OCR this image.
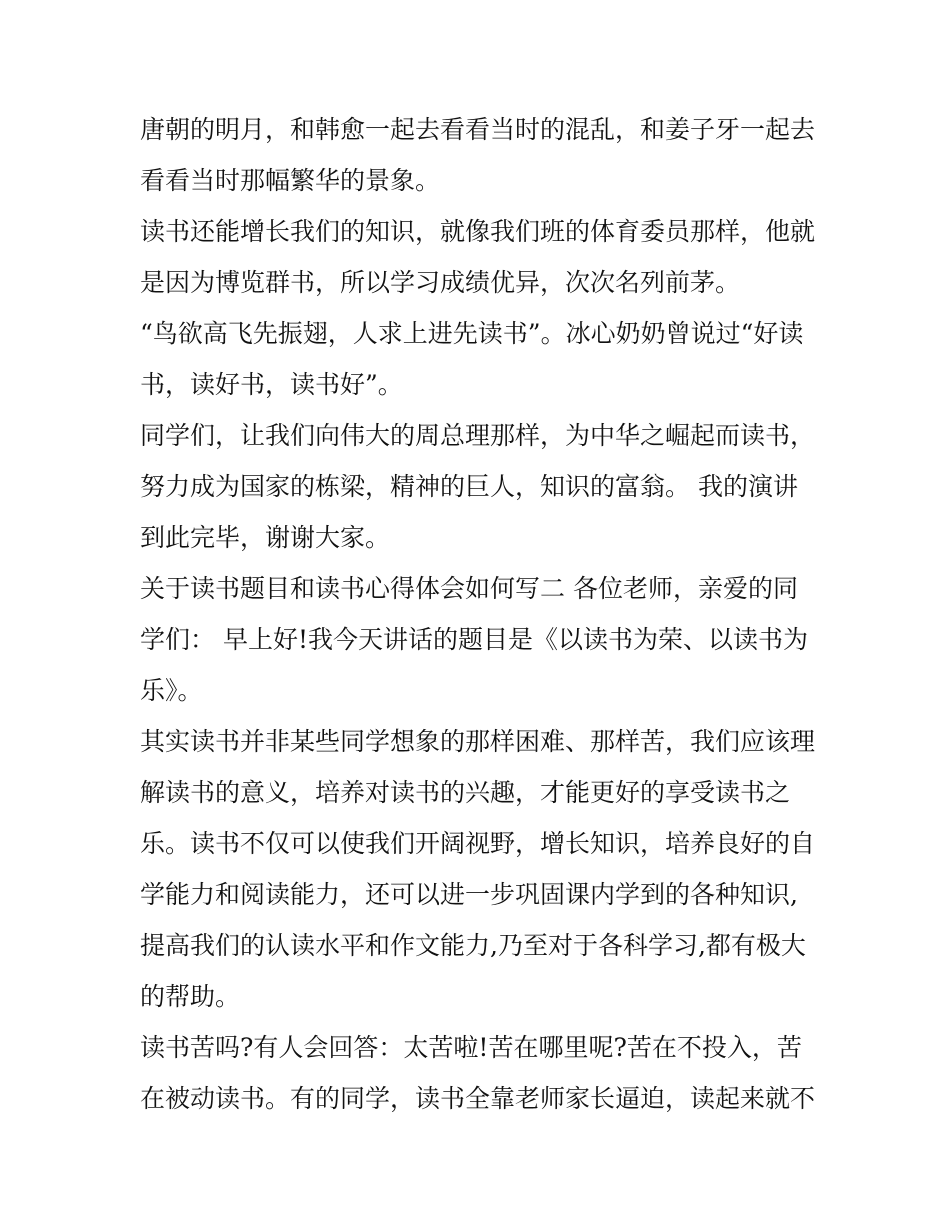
唐朝的明月，和韩愈一起去看看当时的混乱，和姜子牙一起去
看看当时那幅繁华的景象。
读书还能增长我们的知识，就像我们班的体育委员那样，他就
是因为博览群书，所以学习成绩优异，次次名列前茅。
“鸟欲高飞先振翅，人求上进先读书”。冰心奶奶曾说过“好读
书，读好书，读书好”。
同学们，让我们向伟大的周总理那样，为中华之崛起而读书，
努力成为国家的栋梁，精神的巨人，知识的富翁。 我的演讲
到此完毕，谢谢大家。
关于读书题目和读书心得体会如何写二 各位老师，亲爱的同
学们： 早上好!我今天讲话的题目是《以读书为荣、以读书为
乐》。
其实读书并非某些同学想象的那样困难、那样苦，我们应该理
解读书的意义，培养对读书的兴趣，才能更好的享受读书之
乐。读书不仅可以使我们开阔视野，增长知识，培养良好的自
学能力和阅读能力，还可以进一步巩固课内学到的各种知识,
提高我们的认读水平和作文能力,乃至对于各科学习,都有极大
的帮助。
读书苦吗?有人会回答：太苦啦!苦在哪里呢?苦在不投入，苦
在被动读书。有的同学，读书全靠老师家长逼迫，读起来就不
